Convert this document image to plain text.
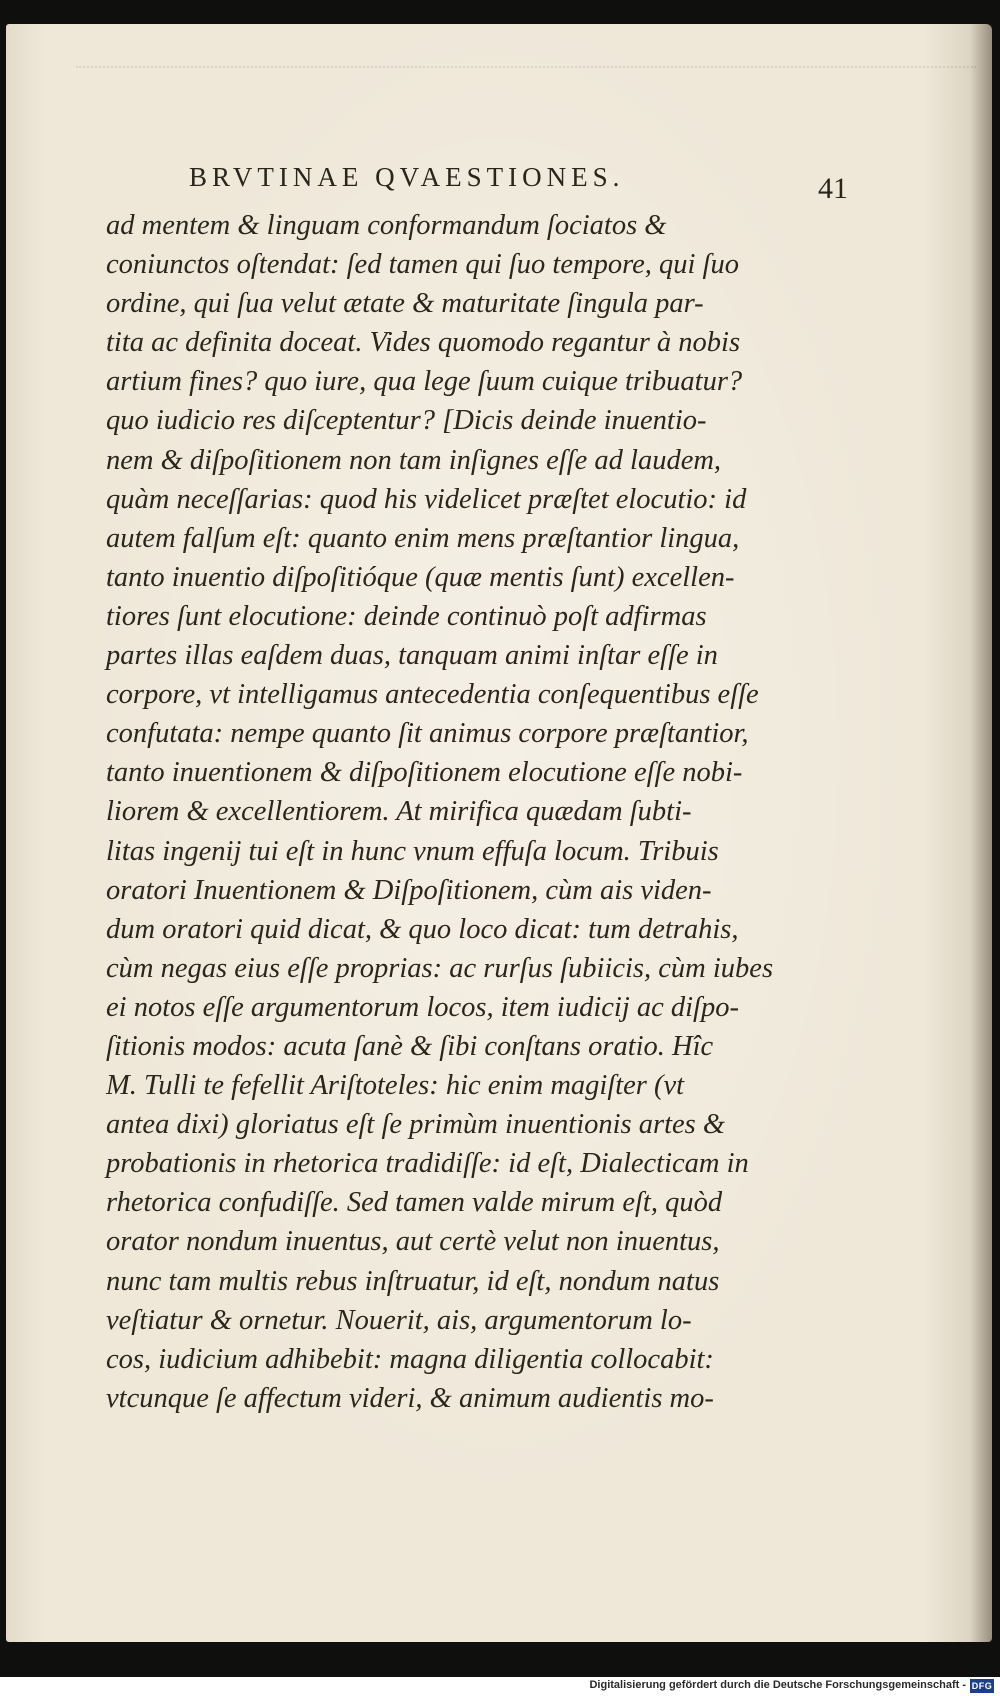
BRVTINAE QVAESTIONES.	41
ad mentem & linguam conformandum ſociatos &
coniunctos oſtendat: ſed tamen qui ſuo tempore, qui ſuo
ordine, qui ſua velut ætate & maturitate ſingula par-
tita ac definita doceat. Vides quomodo regantur à nobis
artium fines? quo iure, qua lege ſuum cuique tribuatur?
quo iudicio res diſceptentur? [Dicis deinde inuentio-
nem & diſpoſitionem non tam inſignes eſſe ad laudem,
quàm neceſſarias: quod his videlicet præſtet elocutio: id
autem falſum eſt: quanto enim mens præſtantior lingua,
tanto inuentio diſpoſitióque (quæ mentis ſunt) excellen-
tiores ſunt elocutione: deinde continuò poſt adfirmas
partes illas eaſdem duas, tanquam animi inſtar eſſe in
corpore, vt intelligamus antecedentia conſequentibus eſſe
confutata: nempe quanto ſit animus corpore præſtantior,
tanto inuentionem & diſpoſitionem elocutione eſſe nobi-
liorem & excellentiorem. At mirifica quædam ſubti-
litas ingenij tui eſt in hunc vnum effuſa locum. Tribuis
oratori Inuentionem & Diſpoſitionem, cùm ais viden-
dum oratori quid dicat, & quo loco dicat: tum detrahis,
cùm negas eius eſſe proprias: ac rurſus ſubiicis, cùm iubes
ei notos eſſe argumentorum locos, item iudicij ac diſpo-
ſitionis modos: acuta ſanè & ſibi conſtans oratio. Hîc
M. Tulli te fefellit Ariſtoteles: hic enim magiſter (vt
antea dixi) gloriatus eſt ſe primùm inuentionis artes &
probationis in rhetorica tradidiſſe: id eſt, Dialecticam in
rhetorica confudiſſe. Sed tamen valde mirum eſt, quòd
orator nondum inuentus, aut certè velut non inuentus,
nunc tam multis rebus inſtruatur, id eſt, nondum natus
veſtiatur & ornetur. Nouerit, ais, argumentorum lo-
cos, iudicium adhibebit: magna diligentia collocabit:
vtcunque ſe affectum videri, & animum audientis mo-
Digitalisierung gefördert durch die Deutsche Forschungsgemeinschaft - DFG
